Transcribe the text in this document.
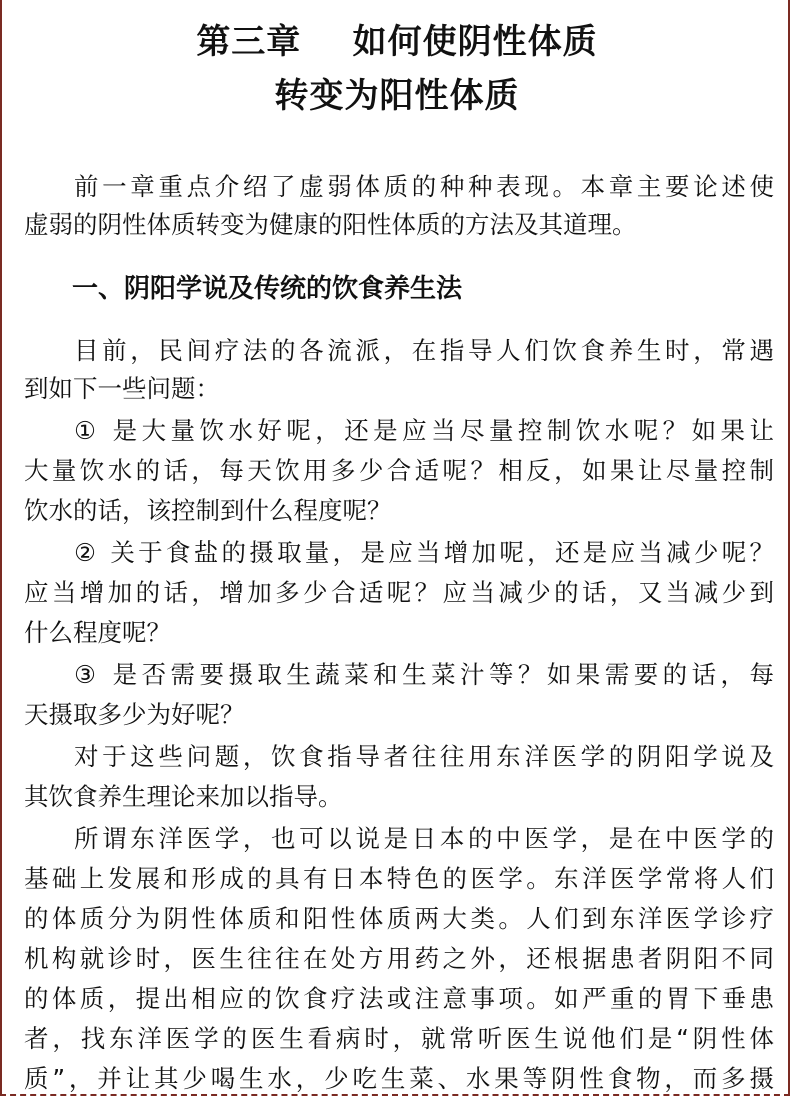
第三章    如何使阴性体质
转变为阳性体质
前一章重点介绍了虚弱体质的种种表现。本章主要论述使
虚弱的阴性体质转变为健康的阳性体质的方法及其道理。
一、阴阳学说及传统的饮食养生法
目前，民间疗法的各流派，在指导人们饮食养生时，常遇
到如下一些问题：
① 是大量饮水好呢，还是应当尽量控制饮水呢？如果让
大量饮水的话，每天饮用多少合适呢？相反，如果让尽量控制
饮水的话，该控制到什么程度呢？
② 关于食盐的摄取量，是应当增加呢，还是应当减少呢？
应当增加的话，增加多少合适呢？应当减少的话，又当减少到
什么程度呢？
③ 是否需要摄取生蔬菜和生菜汁等？如果需要的话，每
天摄取多少为好呢？
对于这些问题，饮食指导者往往用东洋医学的阴阳学说及
其饮食养生理论来加以指导。
所谓东洋医学，也可以说是日本的中医学，是在中医学的
基础上发展和形成的具有日本特色的医学。东洋医学常将人们
的体质分为阴性体质和阳性体质两大类。人们到东洋医学诊疗
机构就诊时，医生往往在处方用药之外，还根据患者阴阳不同
的体质，提出相应的饮食疗法或注意事项。如严重的胃下垂患
者，找东洋医学的医生看病时，就常听医生说他们是“阴性体
质”，并让其少喝生水，少吃生菜、水果等阴性食物，而多摄
